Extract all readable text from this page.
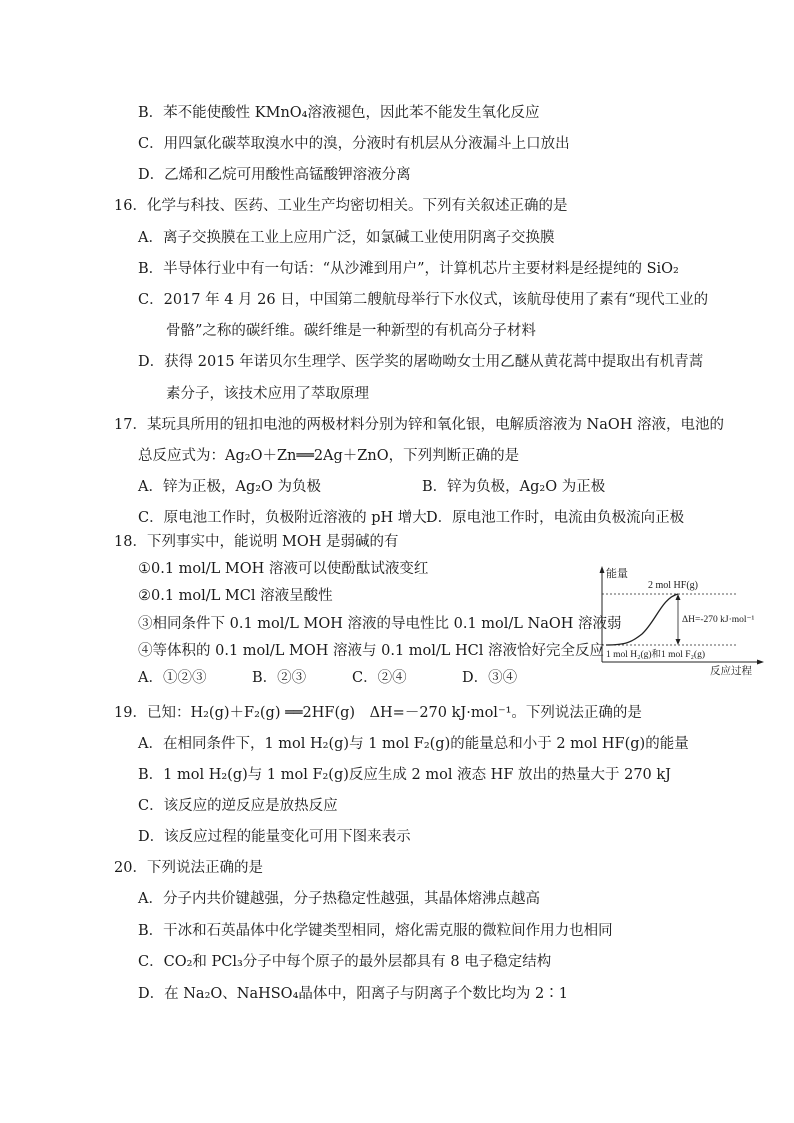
B．苯不能使酸性 KMnO₄溶液褪色，因此苯不能发生氧化反应
C．用四氯化碳萃取溴水中的溴，分液时有机层从分液漏斗上口放出
D．乙烯和乙烷可用酸性高锰酸钾溶液分离
16．化学与科技、医药、工业生产均密切相关。下列有关叙述正确的是
A．离子交换膜在工业上应用广泛，如氯碱工业使用阴离子交换膜
B．半导体行业中有一句话：“从沙滩到用户”，计算机芯片主要材料是经提纯的 SiO₂
C．2017 年 4 月 26 日，中国第二艘航母举行下水仪式，该航母使用了素有“现代工业的
骨骼”之称的碳纤维。碳纤维是一种新型的有机高分子材料
D．获得 2015 年诺贝尔生理学、医学奖的屠呦呦女士用乙醚从黄花蒿中提取出有机青蒿
素分子，该技术应用了萃取原理
17．某玩具所用的钮扣电池的两极材料分别为锌和氧化银，电解质溶液为 NaOH 溶液，电池的
总反应式为：Ag₂O＋Zn══2Ag＋ZnO，下列判断正确的是
A．锌为正极，Ag₂O 为负极	B．锌为负极，Ag₂O 为正极
C．原电池工作时，负极附近溶液的 pH 增大 D．原电池工作时，电流由负极流向正极
18．下列事实中，能说明 MOH 是弱碱的有
①0.1 mol/L MOH 溶液可以使酚酞试液变红
②0.1 mol/L MCl 溶液呈酸性
③相同条件下 0.1 mol/L MOH 溶液的导电性比 0.1 mol/L NaOH 溶液弱
④等体积的 0.1 mol/L MOH 溶液与 0.1 mol/L HCl 溶液恰好完全反应
A．①②③	B．②③	C．②④	D．③④
能量
反应过程
2 mol HF(g)
ΔH=-270 kJ·mol⁻¹
1 mol H₂(g)和1 mol F₂(g)
19．已知：H₂(g)＋F₂(g) ══2HF(g)　ΔH=－270 kJ·mol⁻¹。下列说法正确的是
A．在相同条件下，1 mol H₂(g)与 1 mol F₂(g)的能量总和小于 2 mol HF(g)的能量
B．1 mol H₂(g)与 1 mol F₂(g)反应生成 2 mol 液态 HF 放出的热量大于 270 kJ
C．该反应的逆反应是放热反应
D．该反应过程的能量变化可用下图来表示
20．下列说法正确的是
A．分子内共价键越强，分子热稳定性越强，其晶体熔沸点越高
B．干冰和石英晶体中化学键类型相同，熔化需克服的微粒间作用力也相同
C．CO₂和 PCl₃分子中每个原子的最外层都具有 8 电子稳定结构
D．在 Na₂O、NaHSO₄晶体中，阳离子与阴离子个数比均为 2∶1
